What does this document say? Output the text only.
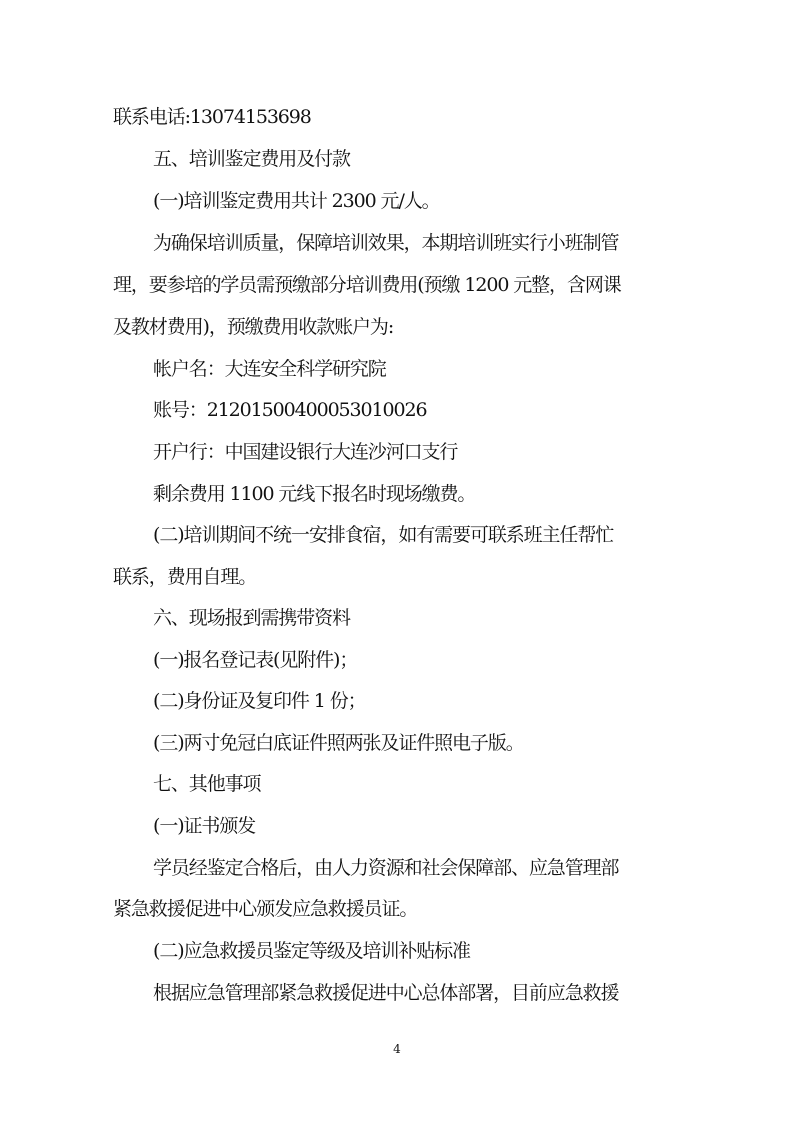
联系电话:13074153698
五、培训鉴定费用及付款
(一)培训鉴定费用共计 2300 元/人。
为确保培训质量，保障培训效果，本期培训班实行小班制管
理，要参培的学员需预缴部分培训费用(预缴 1200 元整，含网课
及教材费用)，预缴费用收款账户为:
帐户名：大连安全科学研究院
账号：21201500400053010026
开户行：中国建设银行大连沙河口支行
剩余费用 1100 元线下报名时现场缴费。
(二)培训期间不统一安排食宿，如有需要可联系班主任帮忙
联系，费用自理。
六、现场报到需携带资料
(一)报名登记表(见附件)；
(二)身份证及复印件 1 份；
(三)两寸免冠白底证件照两张及证件照电子版。
七、其他事项
(一)证书颁发
学员经鉴定合格后，由人力资源和社会保障部、应急管理部
紧急救援促进中心颁发应急救援员证。
(二)应急救援员鉴定等级及培训补贴标准
根据应急管理部紧急救援促进中心总体部署，目前应急救援
4
